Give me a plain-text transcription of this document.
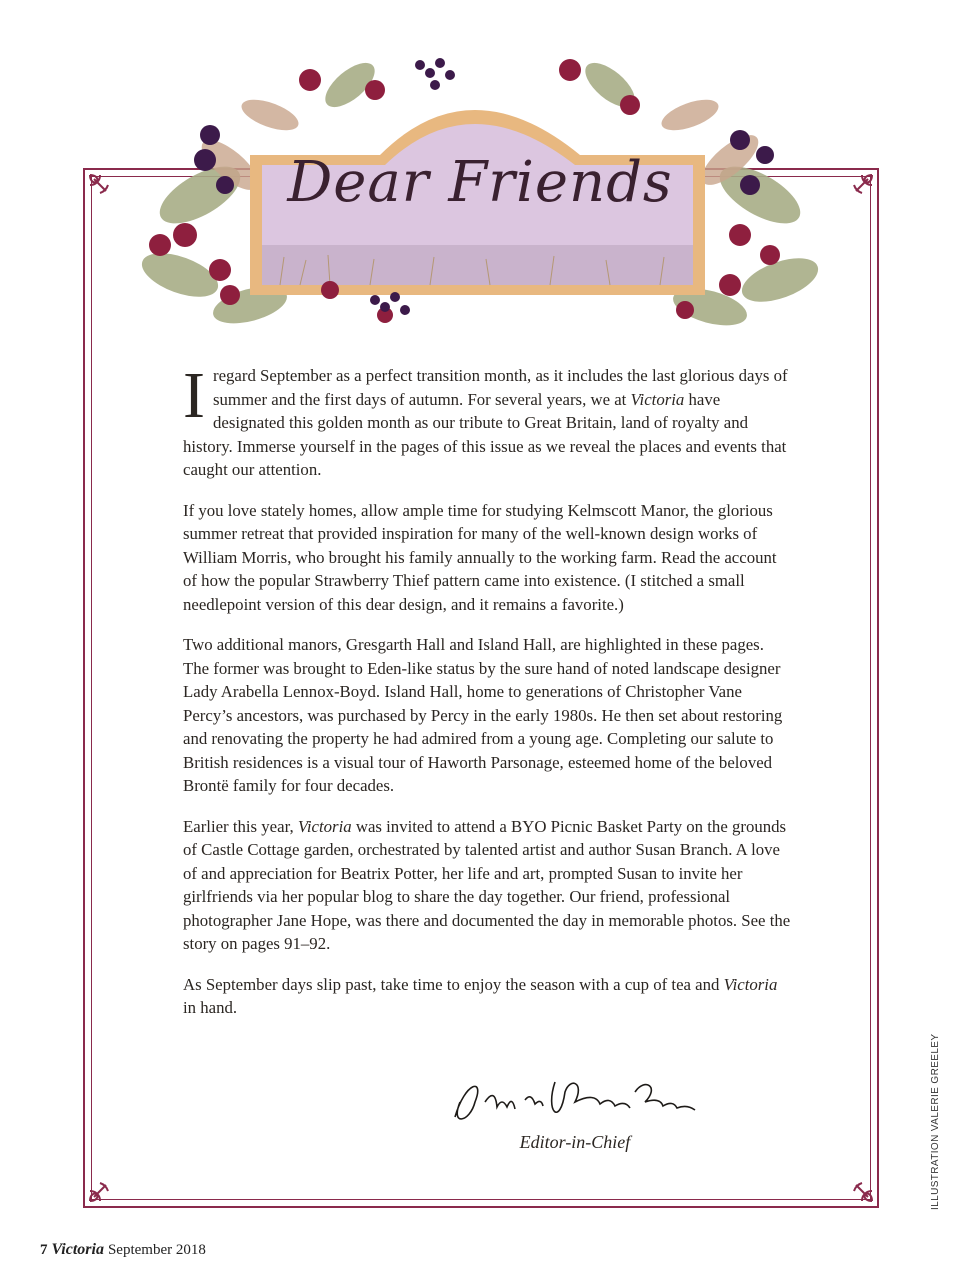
Dear Friends

Iregard September as a perfect transition month, as it includes the last glorious days of summer and the first days of autumn. For several years, we at Victoria have designated this golden month as our tribute to Great Britain, land of royalty and history. Immerse yourself in the pages of this issue as we reveal the places and events that caught our attention.

If you love stately homes, allow ample time for studying Kelmscott Manor, the glorious summer retreat that provided inspiration for many of the well-known design works of William Morris, who brought his family annually to the working farm. Read the account of how the popular Strawberry Thief pattern came into existence. (I stitched a small needlepoint version of this dear design, and it remains a favorite.)

Two additional manors, Gresgarth Hall and Island Hall, are highlighted in these pages. The former was brought to Eden-like status by the sure hand of noted landscape designer Lady Arabella Lennox-Boyd. Island Hall, home to generations of Christopher Vane Percy’s ancestors, was purchased by Percy in the early 1980s. He then set about restoring and renovating the property he had admired from a young age. Completing our salute to British residences is a visual tour of Haworth Parsonage, esteemed home of the beloved Brontë family for four decades.

Earlier this year, Victoria was invited to attend a BYO Picnic Basket Party on the grounds of Castle Cottage garden, orchestrated by talented artist and author Susan Branch. A love of and appreciation for Beatrix Potter, her life and art, prompted Susan to invite her girlfriends via her popular blog to share the day together. Our friend, professional photographer Jane Hope, was there and documented the day in memorable photos. See the story on pages 91–92.

As September days slip past, take time to enjoy the season with a cup of tea and Victoria in hand.

Editor-in-Chief	ILLUSTRATION VALERIE GREELEY
7 Victoria September 2018
